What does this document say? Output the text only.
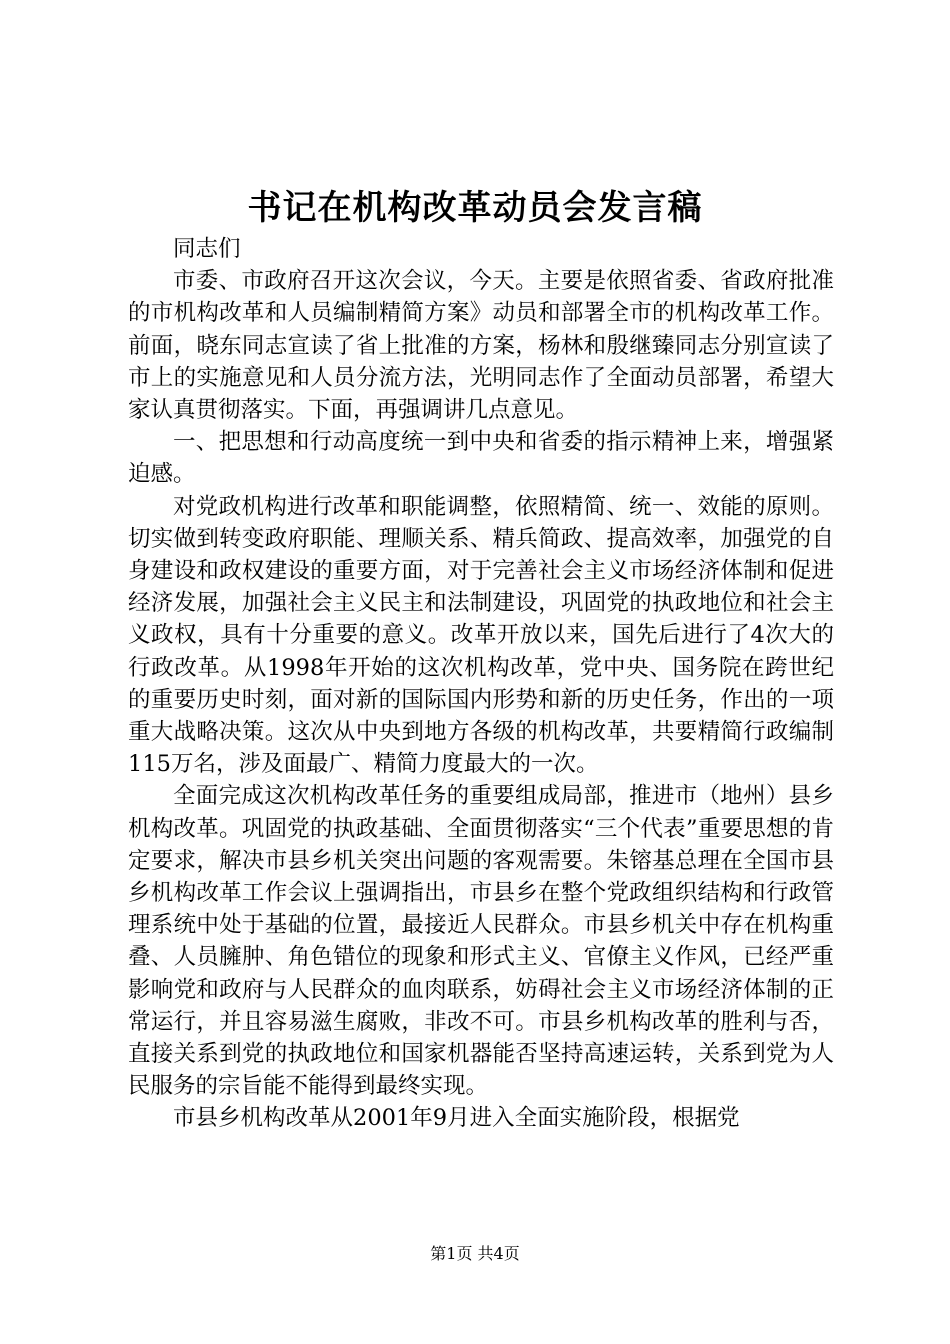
书记在机构改革动员会发言稿

同志们

市委、市政府召开这次会议，今天。主要是依照省委、省政府批准的市机构改革和人员编制精简方案》动员和部署全市的机构改革工作。前面，晓东同志宣读了省上批准的方案，杨林和殷继臻同志分别宣读了市上的实施意见和人员分流方法，光明同志作了全面动员部署，希望大家认真贯彻落实。下面，再强调讲几点意见。

一、把思想和行动高度统一到中央和省委的指示精神上来，增强紧迫感。

对党政机构进行改革和职能调整，依照精简、统一、效能的原则。切实做到转变政府职能、理顺关系、精兵简政、提高效率，加强党的自身建设和政权建设的重要方面，对于完善社会主义市场经济体制和促进经济发展，加强社会主义民主和法制建设，巩固党的执政地位和社会主义政权，具有十分重要的意义。改革开放以来，国先后进行了4次大的行政改革。从1998年开始的这次机构改革，党中央、国务院在跨世纪的重要历史时刻，面对新的国际国内形势和新的历史任务，作出的一项重大战略决策。这次从中央到地方各级的机构改革，共要精简行政编制115万名，涉及面最广、精简力度最大的一次。

全面完成这次机构改革任务的重要组成局部，推进市（地州）县乡机构改革。巩固党的执政基础、全面贯彻落实“三个代表”重要思想的肯定要求，解决市县乡机关突出问题的客观需要。朱镕基总理在全国市县乡机构改革工作会议上强调指出，市县乡在整个党政组织结构和行政管理系统中处于基础的位置，最接近人民群众。市县乡机关中存在机构重叠、人员臃肿、角色错位的现象和形式主义、官僚主义作风，已经严重影响党和政府与人民群众的血肉联系，妨碍社会主义市场经济体制的正常运行，并且容易滋生腐败，非改不可。市县乡机构改革的胜利与否，直接关系到党的执政地位和国家机器能否坚持高速运转，关系到党为人民服务的宗旨能不能得到最终实现。

市县乡机构改革从2001年9月进入全面实施阶段，根据党

第1页 共4页
